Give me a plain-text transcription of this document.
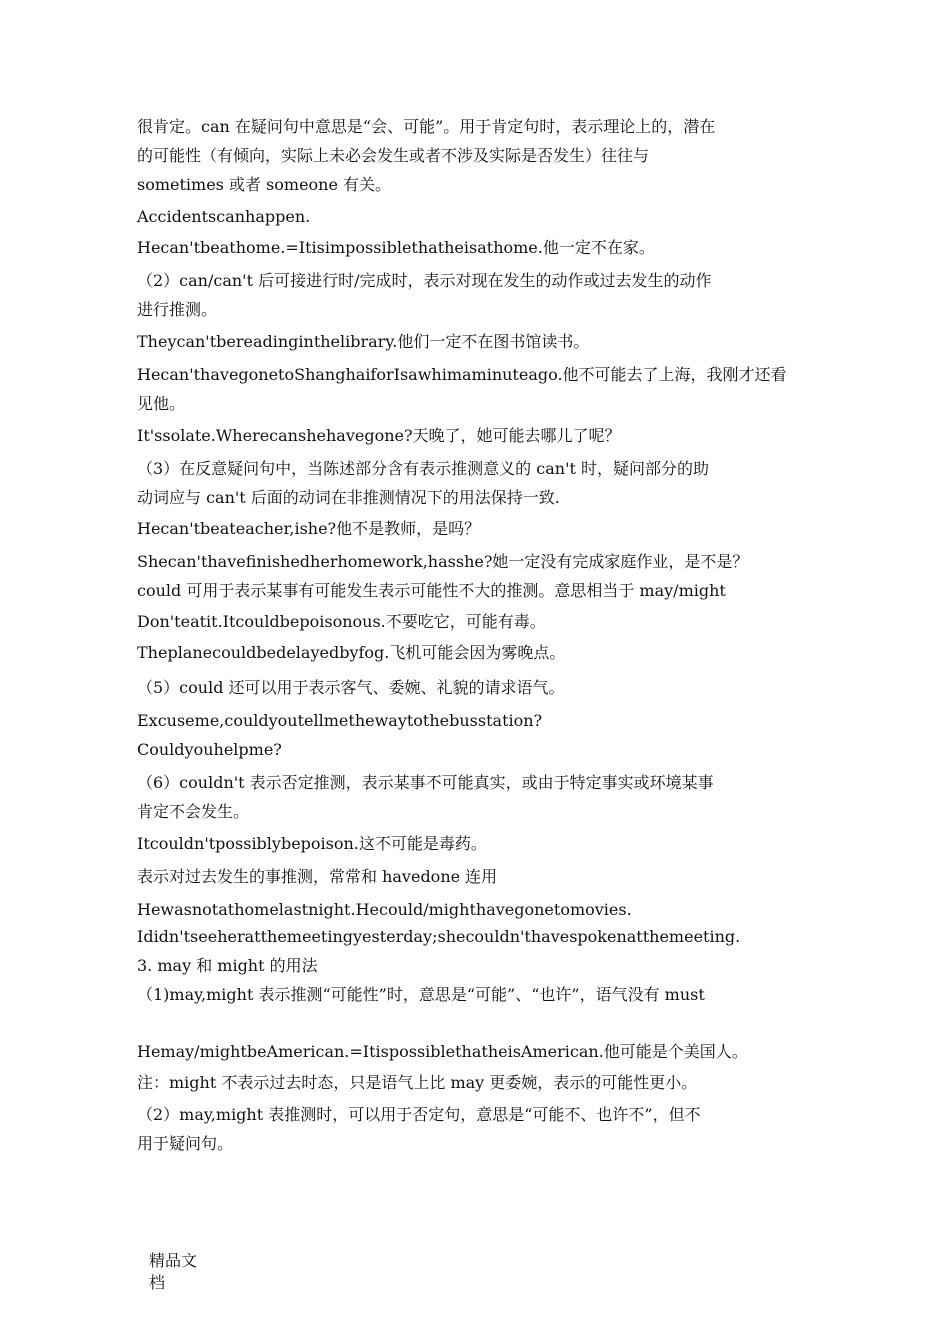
很肯定。can 在疑问句中意思是“会、可能”。用于肯定句时，表示理论上的，潜在
的可能性（有倾向，实际上未必会发生或者不涉及实际是否发生）往往与
sometimes 或者 someone 有关。

Accidentscanhappen.

Hecan'tbeathome.=Itisimpossiblethatheisathome.他一定不在家。

（2）can/can't 后可接进行时/完成时，表示对现在发生的动作或过去发生的动作
进行推测。

Theycan'tbereadinginthelibrary.他们一定不在图书馆读书。

Hecan'thavegonetoShanghaiforIsawhimaminuteago.他不可能去了上海，我刚才还看
见他。

It'ssolate.Wherecanshehavegone?天晚了，她可能去哪儿了呢？

（3）在反意疑问句中，当陈述部分含有表示推测意义的 can't 时，疑问部分的助
动词应与 can't 后面的动词在非推测情况下的用法保持一致.

Hecan'tbeateacher,ishe?他不是教师，是吗？

Shecan'thavefinishedherhomework,hasshe?她一定没有完成家庭作业，是不是？
could 可用于表示某事有可能发生表示可能性不大的推测。意思相当于 may/might

Don'teatit.Itcouldbepoisonous.不要吃它，可能有毒。

Theplanecouldbedelayedbyfog.飞机可能会因为雾晚点。

（5）could 还可以用于表示客气、委婉、礼貌的请求语气。

Excuseme,couldyoutellmethewaytothebusstation?
Couldyouhelpme?

（6）couldn't 表示否定推测，表示某事不可能真实，或由于特定事实或环境某事
肯定不会发生。

Itcouldn'tpossiblybepoison.这不可能是毒药。

表示对过去发生的事推测，常常和 havedone 连用

Hewasnotathomelastnight.Hecould/mighthavegonetomovies.

Ididn'tseeheratthemeetingyesterday;shecouldn'thavespokenatthemeeting.

3. may 和 might 的用法

（1)may,might 表示推测“可能性”时，意思是“可能”、“也许”，语气没有 must

Hemay/mightbeAmerican.=ItispossiblethatheisAmerican.他可能是个美国人。

注：might 不表示过去时态，只是语气上比 may 更委婉，表示的可能性更小。

（2）may,might 表推测时，可以用于否定句，意思是“可能不、也许不”，但不
用于疑问句。

精品文
档
